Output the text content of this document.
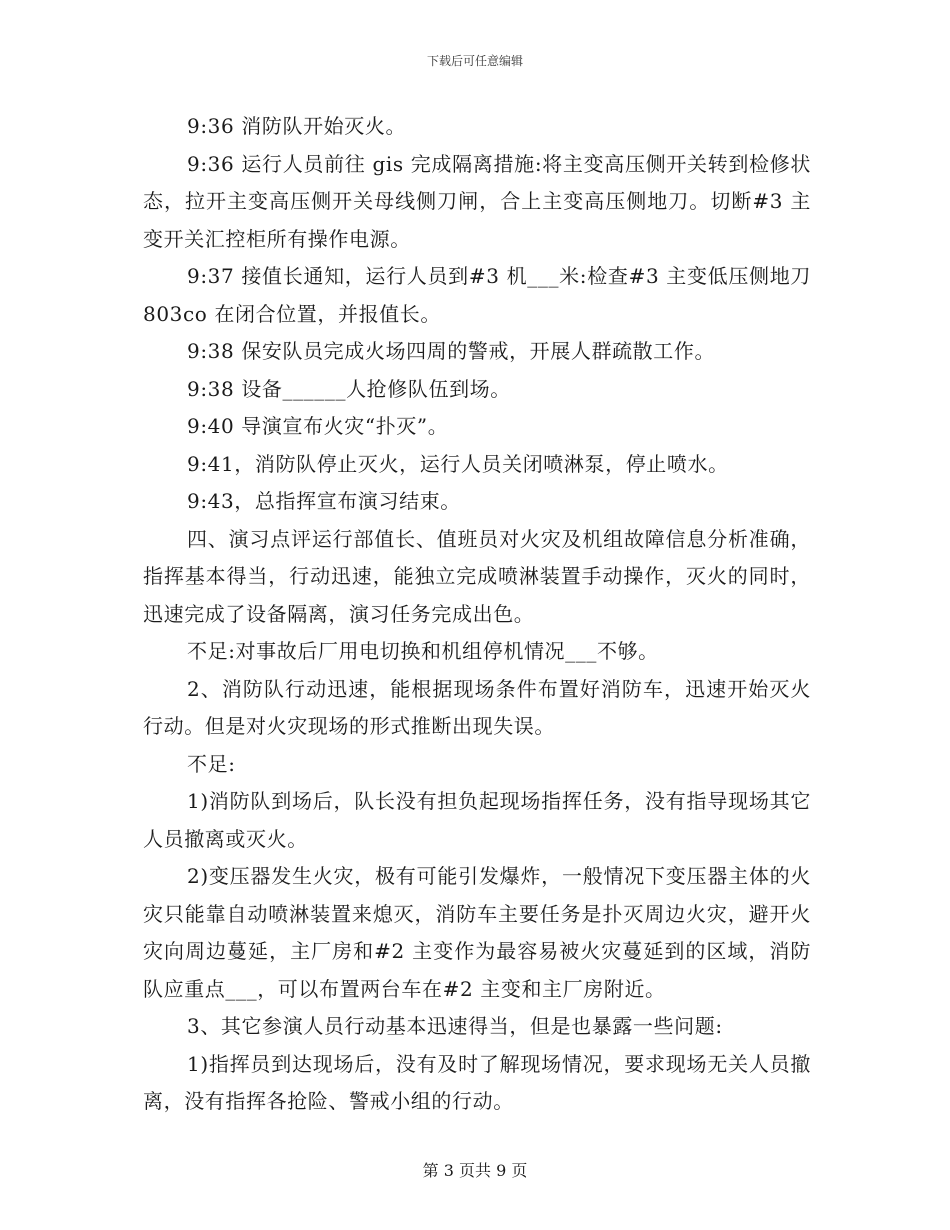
下载后可任意编辑

9:36 消防队开始灭火。

9:36 运行人员前往 gis 完成隔离措施:将主变高压侧开关转到检修状态，拉开主变高压侧开关母线侧刀闸，合上主变高压侧地刀。切断#3 主变开关汇控柜所有操作电源。

9:37 接值长通知，运行人员到#3 机___米:检查#3 主变低压侧地刀 803co 在闭合位置，并报值长。

9:38 保安队员完成火场四周的警戒，开展人群疏散工作。

9:38 设备______人抢修队伍到场。

9:40 导演宣布火灾“扑灭”。

9:41，消防队停止灭火，运行人员关闭喷淋泵，停止喷水。

9:43，总指挥宣布演习结束。

四、演习点评运行部值长、值班员对火灾及机组故障信息分析准确，指挥基本得当，行动迅速，能独立完成喷淋装置手动操作，灭火的同时，迅速完成了设备隔离，演习任务完成出色。

不足:对事故后厂用电切换和机组停机情况___不够。

2、消防队行动迅速，能根据现场条件布置好消防车，迅速开始灭火行动。但是对火灾现场的形式推断出现失误。

不足:

1)消防队到场后，队长没有担负起现场指挥任务，没有指导现场其它人员撤离或灭火。

2)变压器发生火灾，极有可能引发爆炸，一般情况下变压器主体的火灾只能靠自动喷淋装置来熄灭，消防车主要任务是扑灭周边火灾，避开火灾向周边蔓延，主厂房和#2 主变作为最容易被火灾蔓延到的区域，消防队应重点___，可以布置两台车在#2 主变和主厂房附近。

3、其它参演人员行动基本迅速得当，但是也暴露一些问题:

1)指挥员到达现场后，没有及时了解现场情况，要求现场无关人员撤离，没有指挥各抢险、警戒小组的行动。

第 3 页共 9 页
